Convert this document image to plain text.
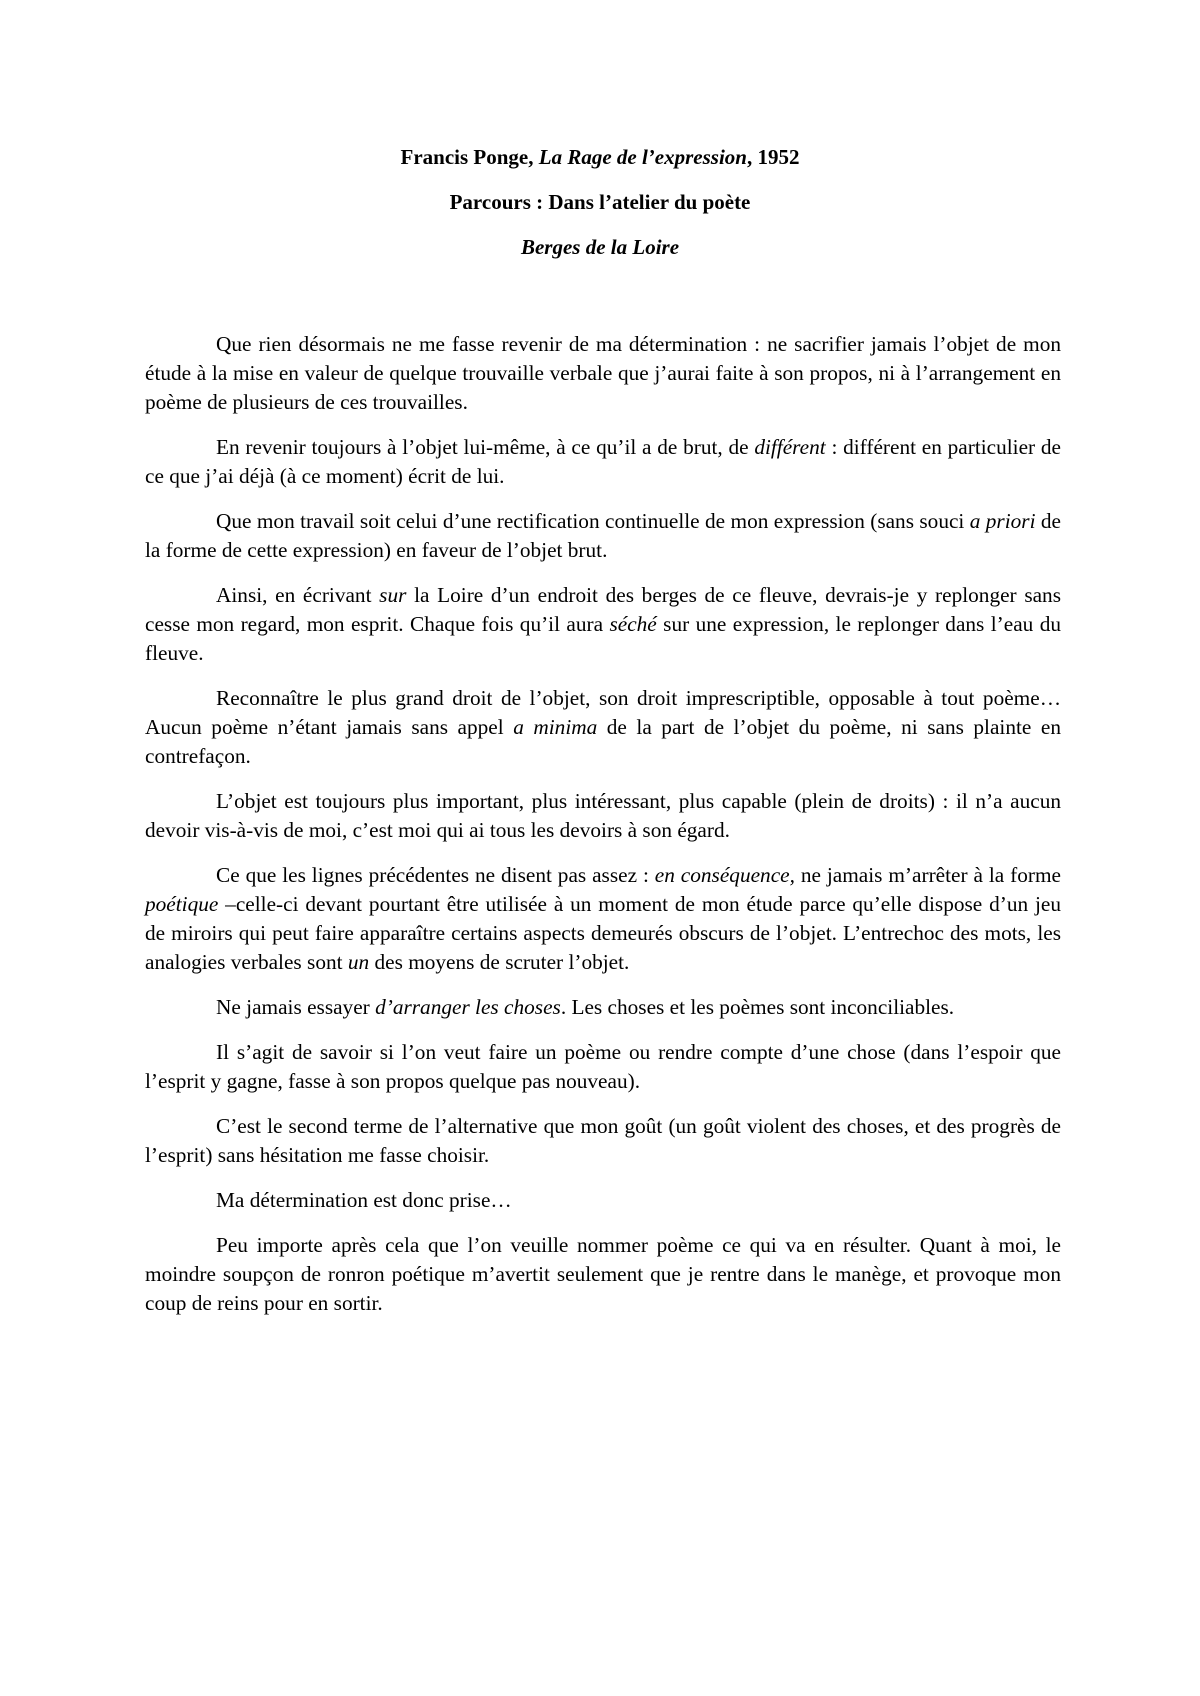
Francis Ponge, La Rage de l’expression, 1952

Parcours : Dans l’atelier du poète

Berges de la Loire

Que rien désormais ne me fasse revenir de ma détermination : ne sacrifier jamais l’objet de mon étude à la mise en valeur de quelque trouvaille verbale que j’aurai faite à son propos, ni à l’arrangement en poème de plusieurs de ces trouvailles.

En revenir toujours à l’objet lui-même, à ce qu’il a de brut, de différent : différent en particulier de ce que j’ai déjà (à ce moment) écrit de lui.

Que mon travail soit celui d’une rectification continuelle de mon expression (sans souci a priori de la forme de cette expression) en faveur de l’objet brut.

Ainsi, en écrivant sur la Loire d’un endroit des berges de ce fleuve, devrais-je y replonger sans cesse mon regard, mon esprit. Chaque fois qu’il aura séché sur une expression, le replonger dans l’eau du fleuve.

Reconnaître le plus grand droit de l’objet, son droit imprescriptible, opposable à tout poème… Aucun poème n’étant jamais sans appel a minima de la part de l’objet du poème, ni sans plainte en contrefaçon.

L’objet est toujours plus important, plus intéressant, plus capable (plein de droits) : il n’a aucun devoir vis-à-vis de moi, c’est moi qui ai tous les devoirs à son égard.

Ce que les lignes précédentes ne disent pas assez : en conséquence, ne jamais m’arrêter à la forme poétique –celle-ci devant pourtant être utilisée à un moment de mon étude parce qu’elle dispose d’un jeu de miroirs qui peut faire apparaître certains aspects demeurés obscurs de l’objet. L’entrechoc des mots, les analogies verbales sont un des moyens de scruter l’objet.

Ne jamais essayer d’arranger les choses. Les choses et les poèmes sont inconciliables.

Il s’agit de savoir si l’on veut faire un poème ou rendre compte d’une chose (dans l’espoir que l’esprit y gagne, fasse à son propos quelque pas nouveau).

C’est le second terme de l’alternative que mon goût (un goût violent des choses, et des progrès de l’esprit) sans hésitation me fasse choisir.

Ma détermination est donc prise…

Peu importe après cela que l’on veuille nommer poème ce qui va en résulter. Quant à moi, le moindre soupçon de ronron poétique m’avertit seulement que je rentre dans le manège, et provoque mon coup de reins pour en sortir.
